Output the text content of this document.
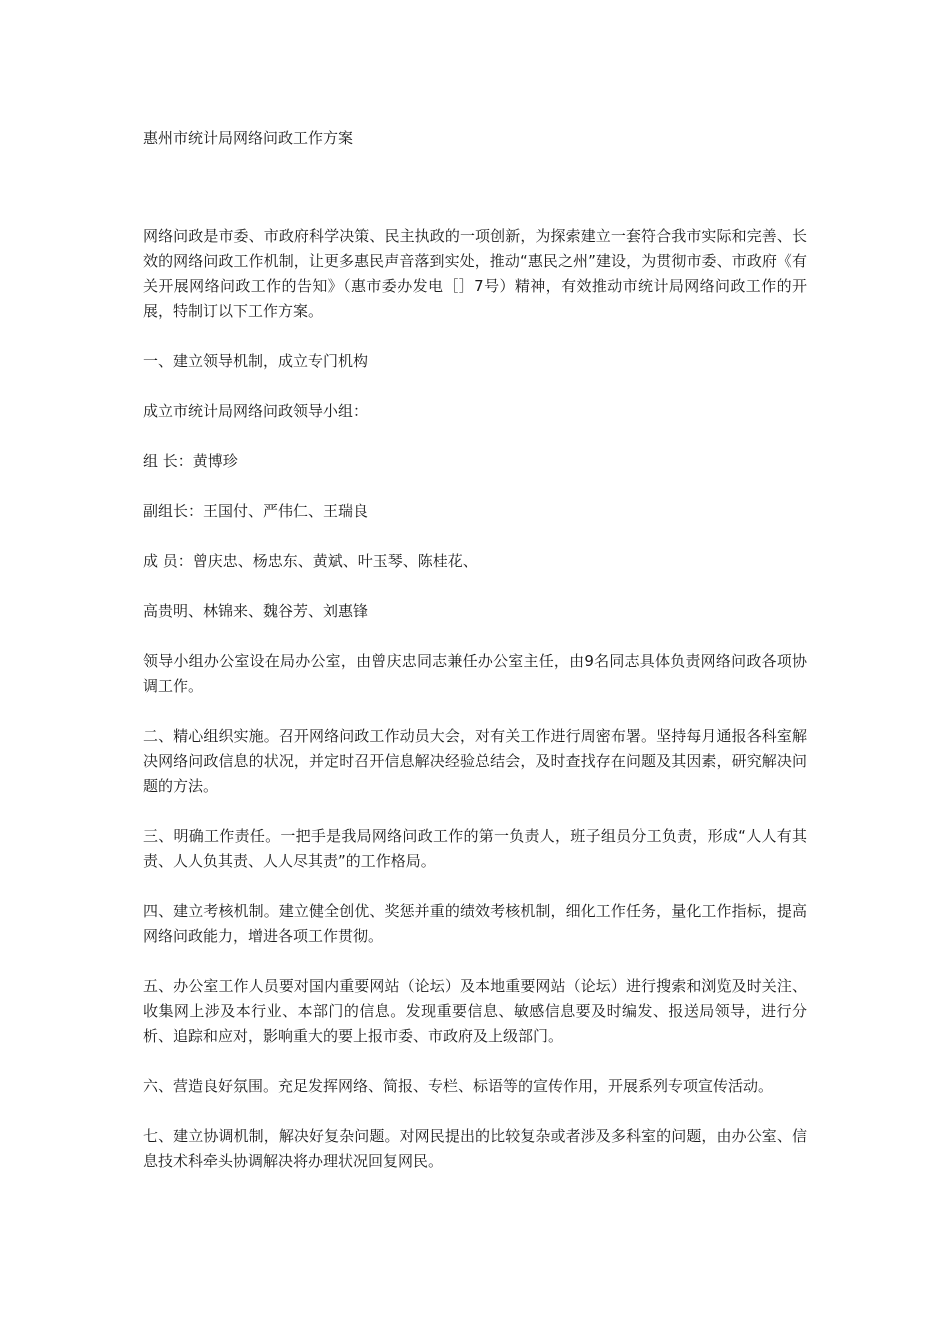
惠州市统计局网络问政工作方案

网络问政是市委、市政府科学决策、民主执政的一项创新，为探索建立一套符合我市实际和完善、长效的网络问政工作机制，让更多惠民声音落到实处，推动“惠民之州”建设，为贯彻市委、市政府《有关开展网络问政工作的告知》（惠市委办发电［］7号）精神，有效推动市统计局网络问政工作的开展，特制订以下工作方案。

一、建立领导机制，成立专门机构

成立市统计局网络问政领导小组：

组 长：黄博珍

副组长：王国付、严伟仁、王瑞良

成 员：曾庆忠、杨忠东、黄斌、叶玉琴、陈桂花、

高贵明、林锦来、魏谷芳、刘惠锋

领导小组办公室设在局办公室，由曾庆忠同志兼任办公室主任，由9名同志具体负责网络问政各项协调工作。

二、精心组织实施。召开网络问政工作动员大会，对有关工作进行周密布署。坚持每月通报各科室解决网络问政信息的状况，并定时召开信息解决经验总结会，及时查找存在问题及其因素，研究解决问题的方法。

三、明确工作责任。一把手是我局网络问政工作的第一负责人，班子组员分工负责，形成“人人有其责、人人负其责、人人尽其责”的工作格局。

四、建立考核机制。建立健全创优、奖惩并重的绩效考核机制，细化工作任务，量化工作指标，提高网络问政能力，增进各项工作贯彻。

五、办公室工作人员要对国内重要网站（论坛）及本地重要网站（论坛）进行搜索和浏览及时关注、收集网上涉及本行业、本部门的信息。发现重要信息、敏感信息要及时编发、报送局领导，进行分析、追踪和应对，影响重大的要上报市委、市政府及上级部门。

六、营造良好氛围。充足发挥网络、简报、专栏、标语等的宣传作用，开展系列专项宣传活动。

七、建立协调机制，解决好复杂问题。对网民提出的比较复杂或者涉及多科室的问题，由办公室、信息技术科牵头协调解决将办理状况回复网民。
